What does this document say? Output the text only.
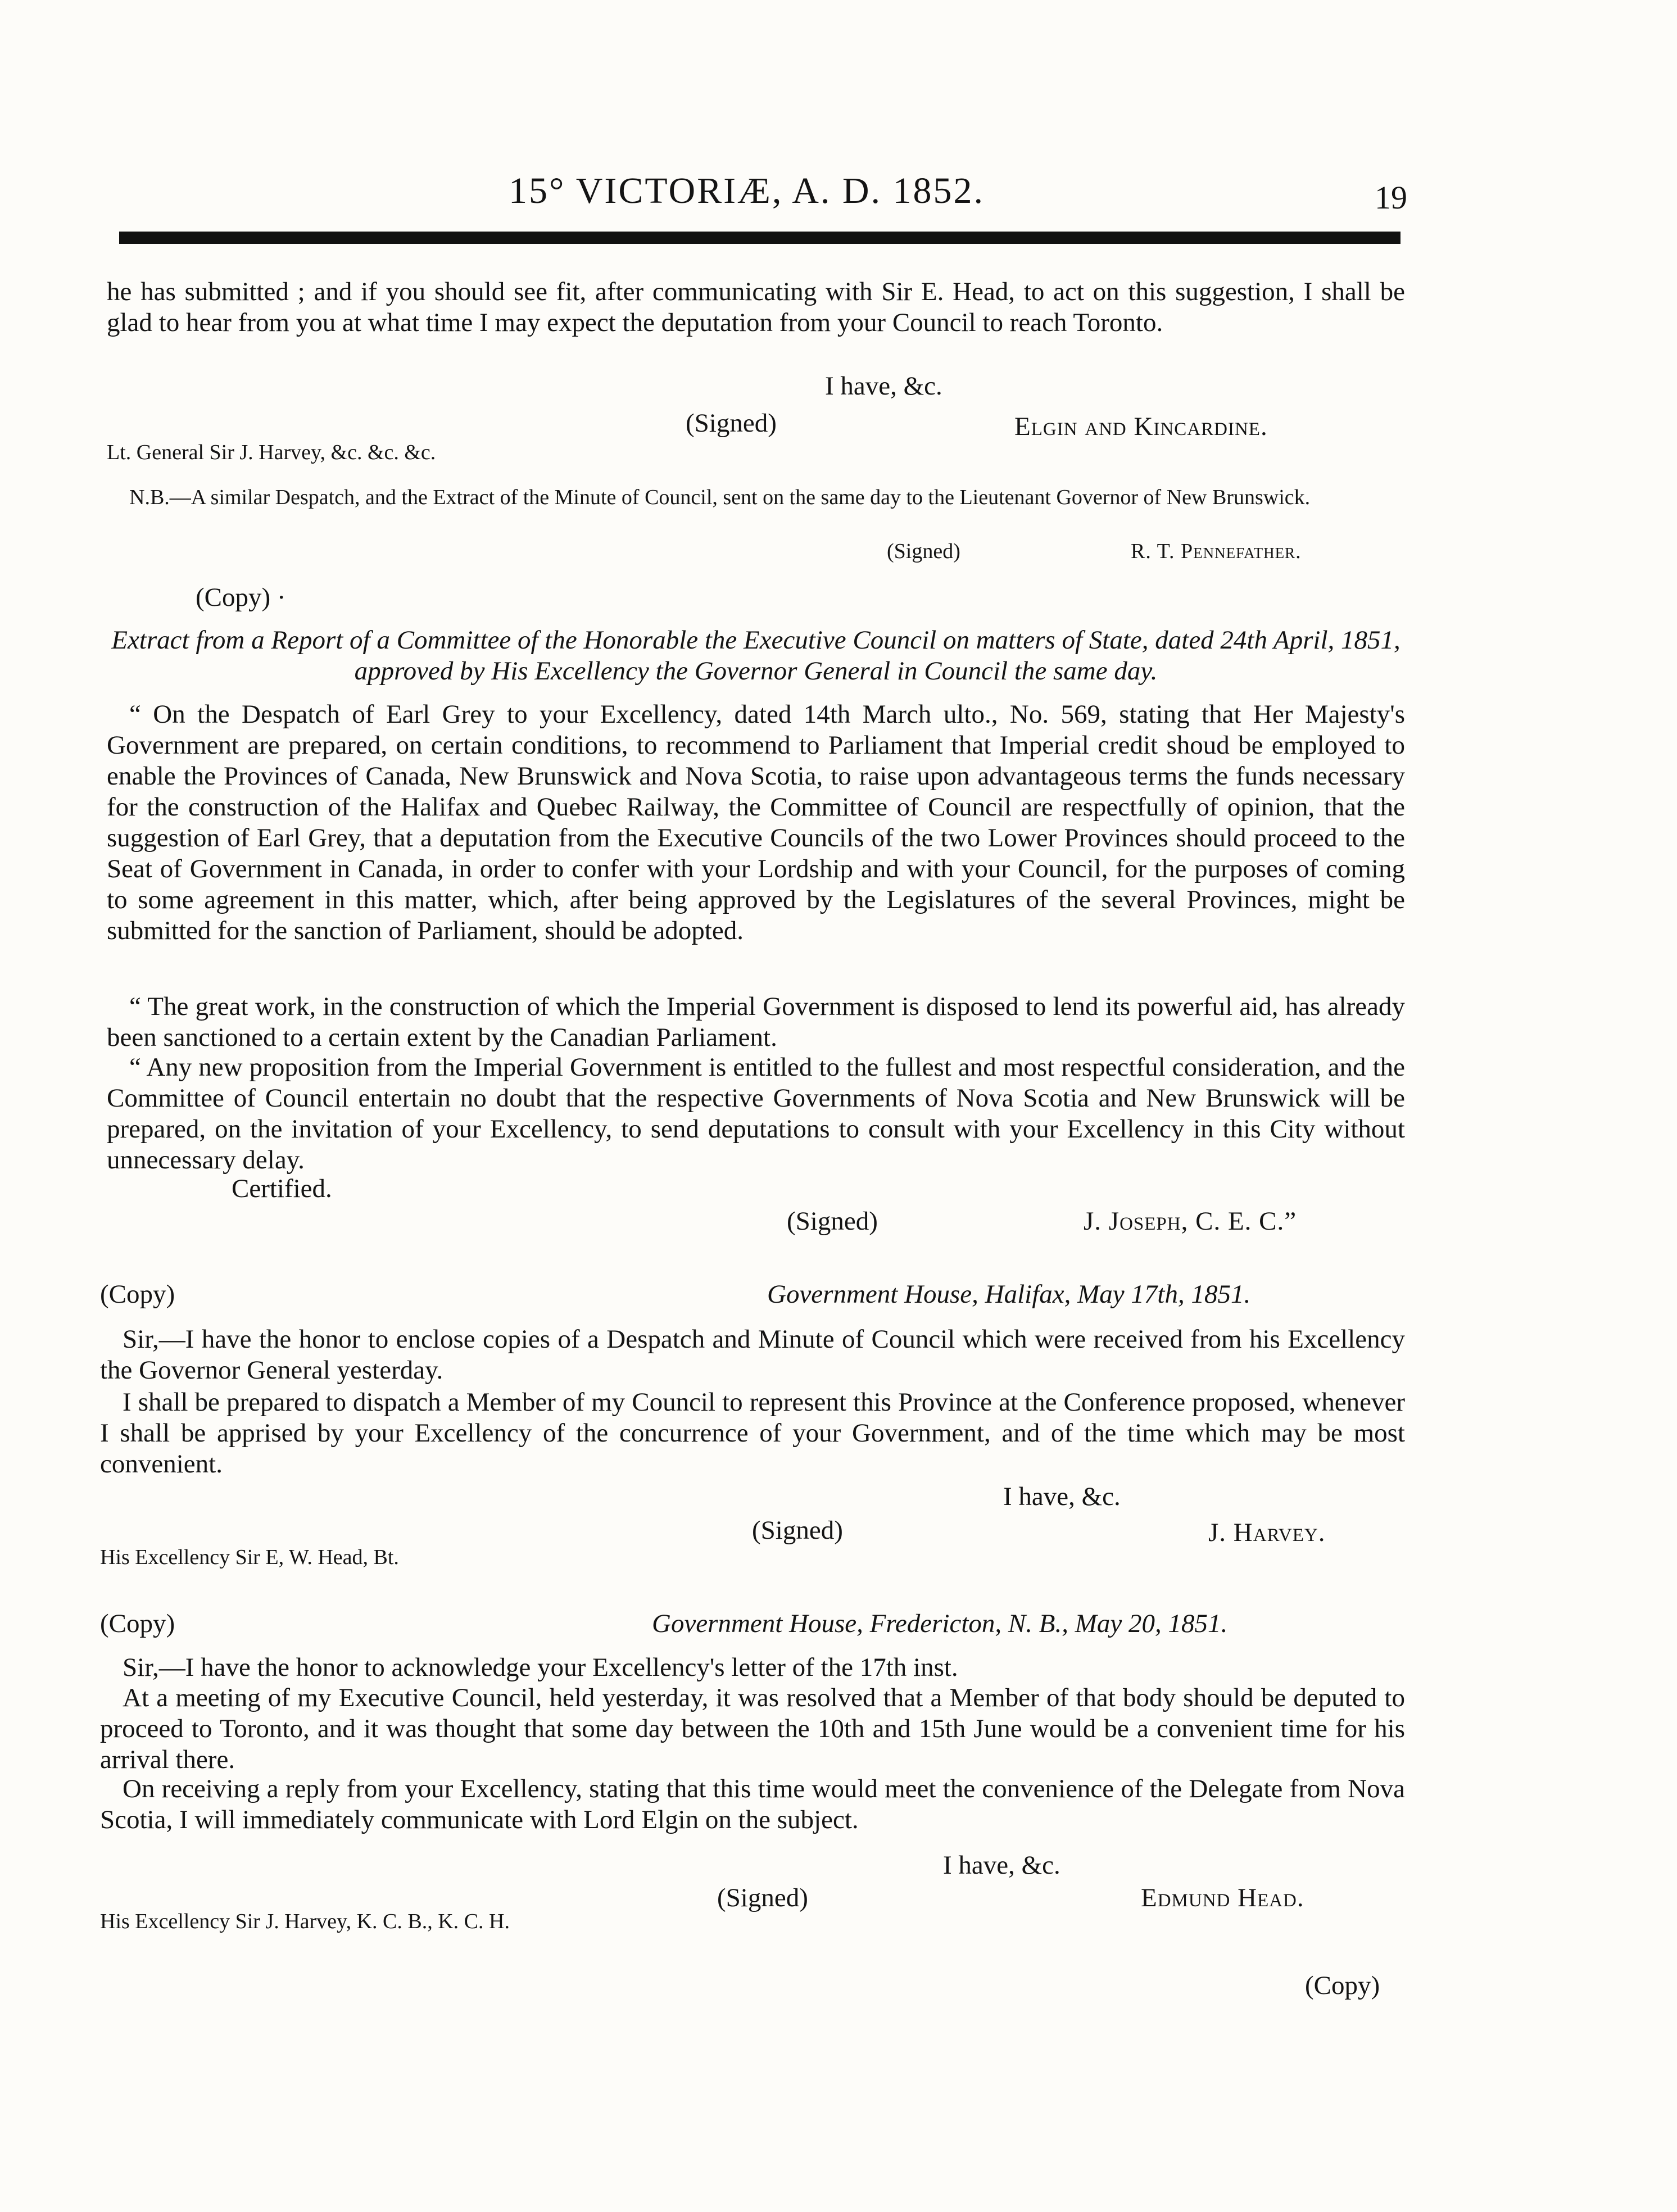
15° VICTORIÆ, A. D. 1852.	19
he has submitted ; and if you should see fit, after communicating with Sir E. Head, to act on this suggestion, I shall be glad to hear from you at what time I may expect the deputation from your Council to reach Toronto.
I have, &c.
(Signed)	Elgin and Kincardine.
Lt. General Sir J. Harvey, &c. &c. &c.
N.B.—A similar Despatch, and the Extract of the Minute of Council, sent on the same day to the Lieutenant Governor of New Brunswick.
(Signed)	R. T. Pennefather.
(Copy) ·
Extract from a Report of a Committee of the Honorable the Executive Council on matters of State, dated 24th April, 1851, approved by His Excellency the Governor General in Council the same day.
“ On the Despatch of Earl Grey to your Excellency, dated 14th March ulto., No. 569, stating that Her Majesty's Government are prepared, on certain conditions, to recommend to Parliament that Imperial credit shoud be employed to enable the Provinces of Canada, New Brunswick and Nova Scotia, to raise upon advantageous terms the funds necessary for the construction of the Halifax and Quebec Railway, the Committee of Council are respectfully of opinion, that the suggestion of Earl Grey, that a deputation from the Executive Councils of the two Lower Provinces should proceed to the Seat of Government in Canada, in order to confer with your Lordship and with your Council, for the purposes of coming to some agreement in this matter, which, after being approved by the Legislatures of the several Provinces, might be submitted for the sanction of Parliament, should be adopted.
“ The great work, in the construction of which the Imperial Government is disposed to lend its powerful aid, has already been sanctioned to a certain extent by the Canadian Parliament.
“ Any new proposition from the Imperial Government is entitled to the fullest and most respectful consideration, and the Committee of Council entertain no doubt that the respective Governments of Nova Scotia and New Brunswick will be prepared, on the invitation of your Excellency, to send deputations to consult with your Excellency in this City without unnecessary delay.
Certified.
(Signed)	J. Joseph, C. E. C.”
(Copy)	Government House, Halifax, May 17th, 1851.
Sir,—I have the honor to enclose copies of a Despatch and Minute of Council which were received from his Excellency the Governor General yesterday.
I shall be prepared to dispatch a Member of my Council to represent this Province at the Conference proposed, whenever I shall be apprised by your Excellency of the concurrence of your Government, and of the time which may be most convenient.
I have, &c.
(Signed)	J. Harvey.
His Excellency Sir E, W. Head, Bt.
(Copy)	Government House, Fredericton, N. B., May 20, 1851.
Sir,—I have the honor to acknowledge your Excellency's letter of the 17th inst.
At a meeting of my Executive Council, held yesterday, it was resolved that a Member of that body should be deputed to proceed to Toronto, and it was thought that some day between the 10th and 15th June would be a convenient time for his arrival there.
On receiving a reply from your Excellency, stating that this time would meet the convenience of the Delegate from Nova Scotia, I will immediately communicate with Lord Elgin on the subject.
I have, &c.
(Signed)	Edmund Head.
His Excellency Sir J. Harvey, K. C. B., K. C. H.
(Copy)
